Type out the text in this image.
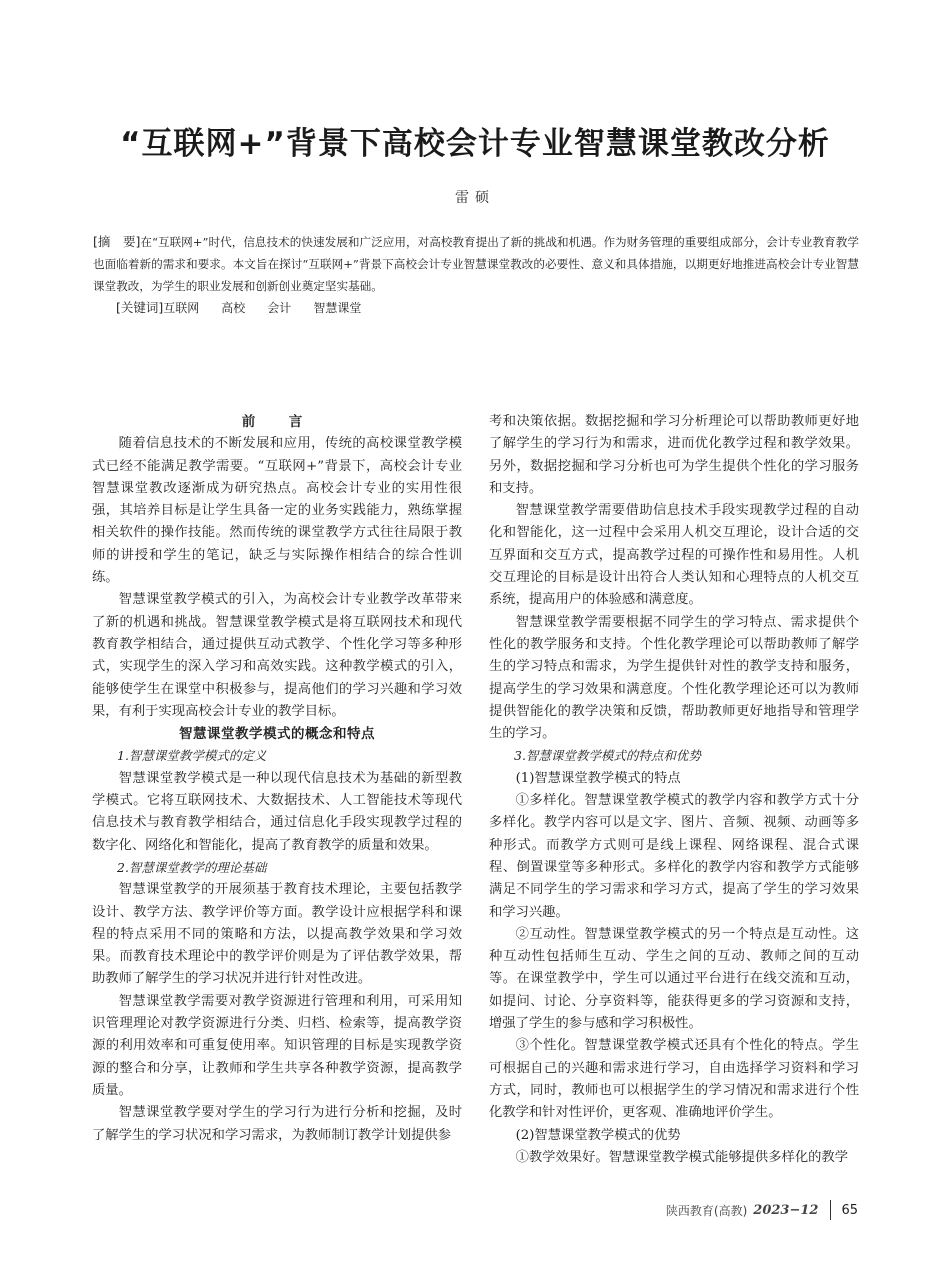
“互联网+”背景下高校会计专业智慧课堂教改分析
雷硕

[摘　要]在“互联网+”时代，信息技术的快速发展和广泛应用，对高校教育提出了新的挑战和机遇。作为财务管理的重要组成部分，会计专业教育教学也面临着新的需求和要求。本文旨在探讨“互联网+”背景下高校会计专业智慧课堂教改的必要性、意义和具体措施，以期更好地推进高校会计专业智慧课堂教改，为学生的职业发展和创新创业奠定坚实基础。

[关键词]互联网 高校 会计 智慧课堂
前　言

随着信息技术的不断发展和应用，传统的高校课堂教学模式已经不能满足教学需要。“互联网+”背景下，高校会计专业智慧课堂教改逐渐成为研究热点。高校会计专业的实用性很强，其培养目标是让学生具备一定的业务实践能力，熟练掌握相关软件的操作技能。然而传统的课堂教学方式往往局限于教师的讲授和学生的笔记，缺乏与实际操作相结合的综合性训练。

智慧课堂教学模式的引入，为高校会计专业教学改革带来了新的机遇和挑战。智慧课堂教学模式是将互联网技术和现代教育教学相结合，通过提供互动式教学、个性化学习等多种形式，实现学生的深入学习和高效实践。这种教学模式的引入，能够使学生在课堂中积极参与，提高他们的学习兴趣和学习效果，有利于实现高校会计专业的教学目标。

智慧课堂教学模式的概念和特点
1.智慧课堂教学模式的定义

智慧课堂教学模式是一种以现代信息技术为基础的新型教学模式。它将互联网技术、大数据技术、人工智能技术等现代信息技术与教育教学相结合，通过信息化手段实现教学过程的数字化、网络化和智能化，提高了教育教学的质量和效果。

2.智慧课堂教学的理论基础

智慧课堂教学的开展须基于教育技术理论，主要包括教学设计、教学方法、教学评价等方面。教学设计应根据学科和课程的特点采用不同的策略和方法，以提高教学效果和学习效果。而教育技术理论中的教学评价则是为了评估教学效果，帮助教师了解学生的学习状况并进行针对性改进。

智慧课堂教学需要对教学资源进行管理和利用，可采用知识管理理论对教学资源进行分类、归档、检索等，提高教学资源的利用效率和可重复使用率。知识管理的目标是实现教学资源的整合和分享，让教师和学生共享各种教学资源，提高教学质量。

智慧课堂教学要对学生的学习行为进行分析和挖掘，及时了解学生的学习状况和学习需求，为教师制订教学计划提供参

考和决策依据。数据挖掘和学习分析理论可以帮助教师更好地了解学生的学习行为和需求，进而优化教学过程和教学效果。另外，数据挖掘和学习分析也可为学生提供个性化的学习服务和支持。

智慧课堂教学需要借助信息技术手段实现教学过程的自动化和智能化，这一过程中会采用人机交互理论，设计合适的交互界面和交互方式，提高教学过程的可操作性和易用性。人机交互理论的目标是设计出符合人类认知和心理特点的人机交互系统，提高用户的体验感和满意度。

智慧课堂教学需要根据不同学生的学习特点、需求提供个性化的教学服务和支持。个性化教学理论可以帮助教师了解学生的学习特点和需求，为学生提供针对性的教学支持和服务，提高学生的学习效果和满意度。个性化教学理论还可以为教师提供智能化的教学决策和反馈，帮助教师更好地指导和管理学生的学习。

3.智慧课堂教学模式的特点和优势
(1)智慧课堂教学模式的特点

①多样化。智慧课堂教学模式的教学内容和教学方式十分多样化。教学内容可以是文字、图片、音频、视频、动画等多种形式。而教学方式则可是线上课程、网络课程、混合式课程、倒置课堂等多种形式。多样化的教学内容和教学方式能够满足不同学生的学习需求和学习方式，提高了学生的学习效果和学习兴趣。

②互动性。智慧课堂教学模式的另一个特点是互动性。这种互动性包括师生互动、学生之间的互动、教师之间的互动等。在课堂教学中，学生可以通过平台进行在线交流和互动，如提问、讨论、分享资料等，能获得更多的学习资源和支持，增强了学生的参与感和学习积极性。

③个性化。智慧课堂教学模式还具有个性化的特点。学生可根据自己的兴趣和需求进行学习，自由选择学习资料和学习方式，同时，教师也可以根据学生的学习情况和需求进行个性化教学和针对性评价，更客观、准确地评价学生。

(2)智慧课堂教学模式的优势

①教学效果好。智慧课堂教学模式能够提供多样化的教学

陕西教育(高教) 2023−12 65
